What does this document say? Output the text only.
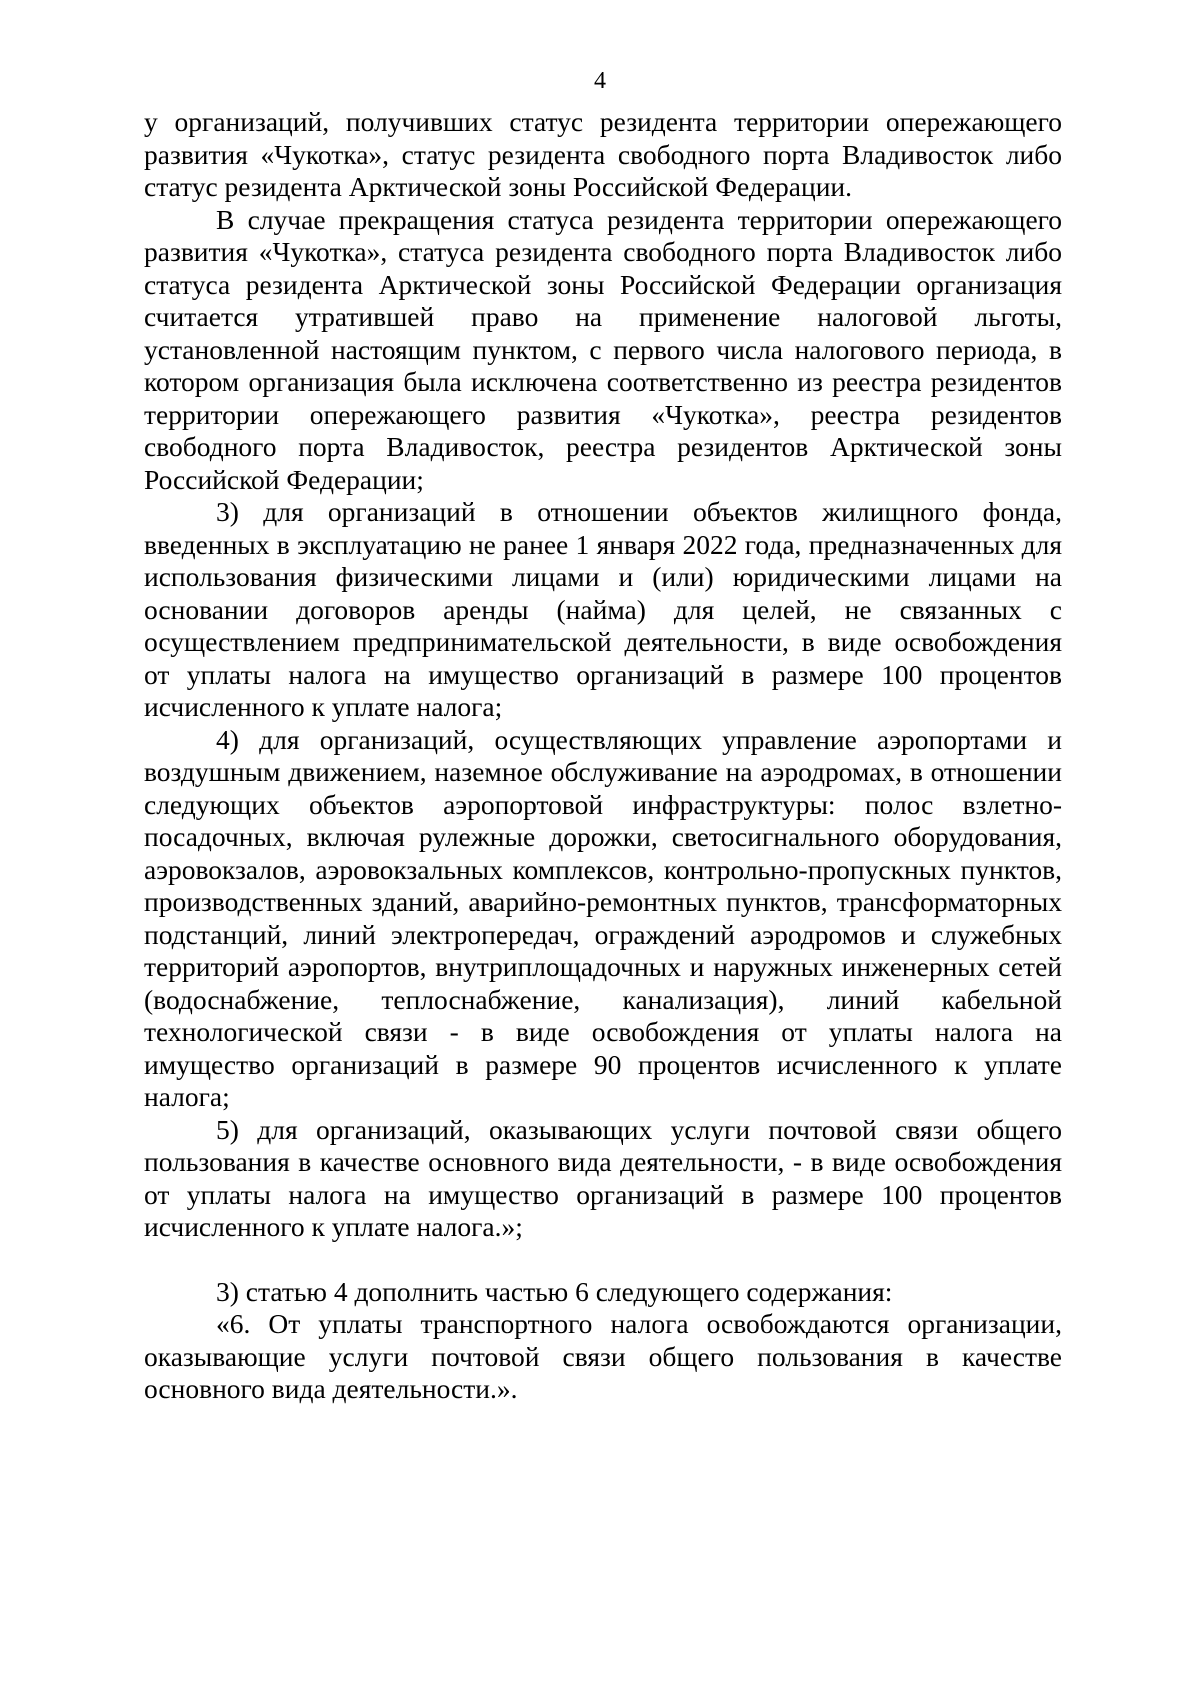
4

у организаций, получивших статус резидента территории опережающего развития «Чукотка», статус резидента свободного порта Владивосток либо статус резидента Арктической зоны Российской Федерации.

В случае прекращения статуса резидента территории опережающего развития «Чукотка», статуса резидента свободного порта Владивосток либо статуса резидента Арктической зоны Российской Федерации организация считается утратившей право на применение налоговой льготы, установленной настоящим пунктом, с первого числа налогового периода, в котором организация была исключена соответственно из реестра резидентов территории опережающего развития «Чукотка», реестра резидентов свободного порта Владивосток, реестра резидентов Арктической зоны Российской Федерации;

3) для организаций в отношении объектов жилищного фонда, введенных в эксплуатацию не ранее 1 января 2022 года, предназначенных для использования физическими лицами и (или) юридическими лицами на основании договоров аренды (найма) для целей, не связанных с осуществлением предпринимательской деятельности, в виде освобождения от уплаты налога на имущество организаций в размере 100 процентов исчисленного к уплате налога;

4) для организаций, осуществляющих управление аэропортами и воздушным движением, наземное обслуживание на аэродромах, в отношении следующих объектов аэропортовой инфраструктуры: полос взлетно-посадочных, включая рулежные дорожки, светосигнального оборудования, аэровокзалов, аэровокзальных комплексов, контрольно-пропускных пунктов, производственных зданий, аварийно-ремонтных пунктов, трансформаторных подстанций, линий электропередач, ограждений аэродромов и служебных территорий аэропортов, внутриплощадочных и наружных инженерных сетей (водоснабжение, теплоснабжение, канализация), линий кабельной технологической связи - в виде освобождения от уплаты налога на имущество организаций в размере 90 процентов исчисленного к уплате налога;

5) для организаций, оказывающих услуги почтовой связи общего пользования в качестве основного вида деятельности, - в виде освобождения от уплаты налога на имущество организаций в размере 100 процентов исчисленного к уплате налога.»;

3) статью 4 дополнить частью 6 следующего содержания:

«6. От уплаты транспортного налога освобождаются организации, оказывающие услуги почтовой связи общего пользования в качестве основного вида деятельности.».
